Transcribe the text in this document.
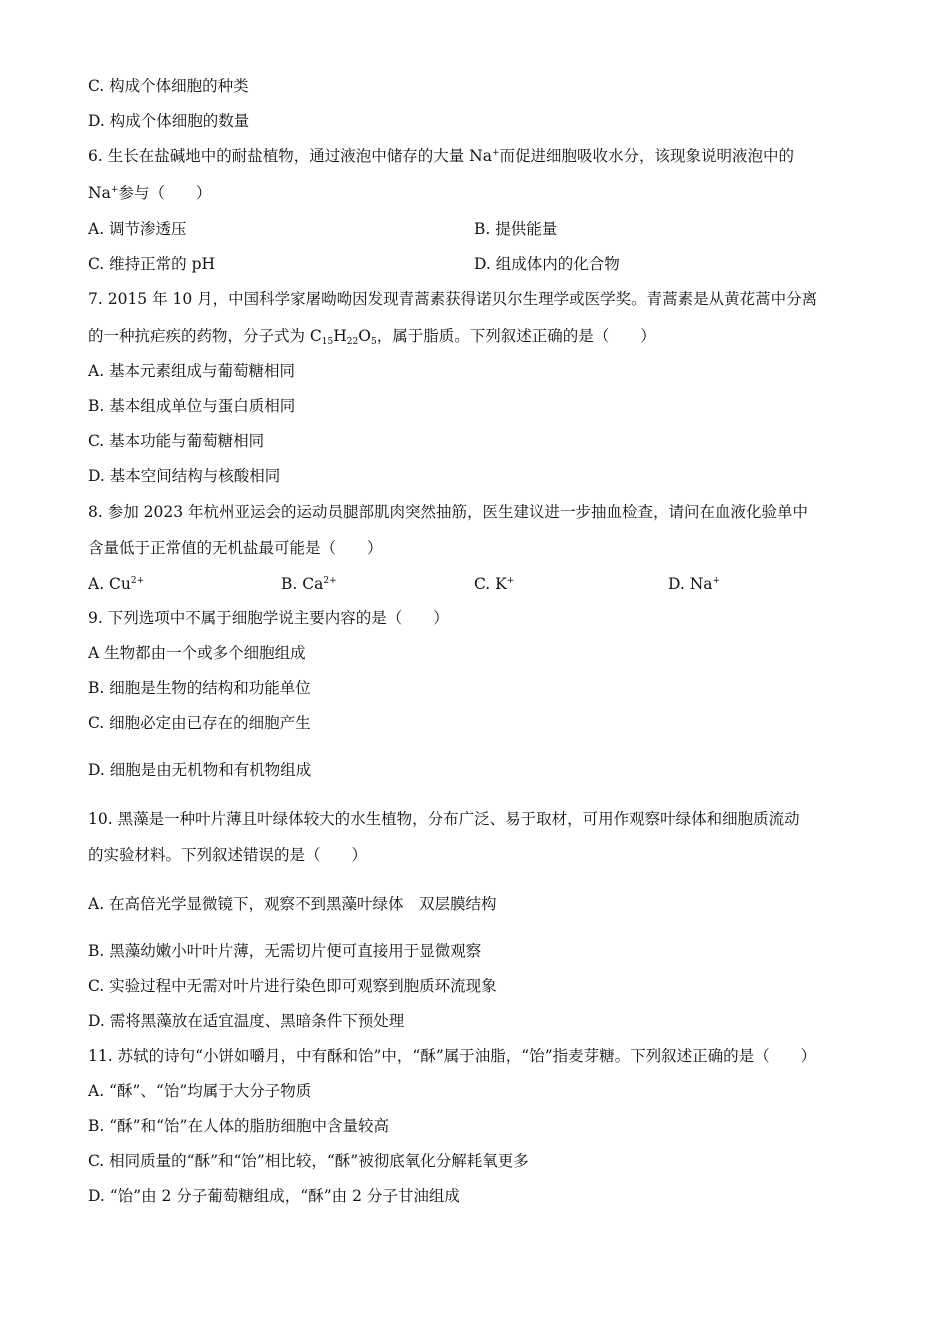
C. 构成个体细胞的种类
D. 构成个体细胞的数量
6. 生长在盐碱地中的耐盐植物，通过液泡中储存的大量 Na+而促进细胞吸收水分，该现象说明液泡中的
Na+参与（　　）
A. 调节渗透压	B. 提供能量
C. 维持正常的 pH	D. 组成体内的化合物
7. 2015 年 10 月，中国科学家屠呦呦因发现青蒿素获得诺贝尔生理学或医学奖。青蒿素是从黄花蒿中分离
的一种抗疟疾的药物，分子式为 $C_{15}H_{22}O_5$，属于脂质。下列叙述正确的是（　　）
A. 基本元素组成与葡萄糖相同
B. 基本组成单位与蛋白质相同
C. 基本功能与葡萄糖相同
D. 基本空间结构与核酸相同
8. 参加 2023 年杭州亚运会的运动员腿部肌肉突然抽筋，医生建议进一步抽血检查，请问在血液化验单中
含量低于正常值的无机盐最可能是（　　）
A. $Cu^{2+}$	B. $Ca^{2+}$	C. K+	D. Na+
9. 下列选项中不属于细胞学说主要内容的是（　　）
A 生物都由一个或多个细胞组成
B. 细胞是生物的结构和功能单位
C. 细胞必定由已存在的细胞产生
D. 细胞是由无机物和有机物组成
10. 黑藻是一种叶片薄且叶绿体较大的水生植物，分布广泛、易于取材，可用作观察叶绿体和细胞质流动
的实验材料。下列叙述错误的是（　　）
A. 在高倍光学显微镜下，观察不到黑藻叶绿体　双层膜结构
B. 黑藻幼嫩小叶叶片薄，无需切片便可直接用于显微观察
C. 实验过程中无需对叶片进行染色即可观察到胞质环流现象
D. 需将黑藻放在适宜温度、黑暗条件下预处理
11. 苏轼的诗句“小饼如嚼月，中有酥和饴”中，“酥”属于油脂，“饴”指麦芽糖。下列叙述正确的是（　　）
A. “酥”、“饴”均属于大分子物质
B. “酥”和“饴”在人体的脂肪细胞中含量较高
C. 相同质量的“酥”和“饴”相比较，“酥”被彻底氧化分解耗氧更多
D. “饴”由 2 分子葡萄糖组成，“酥”由 2 分子甘油组成
